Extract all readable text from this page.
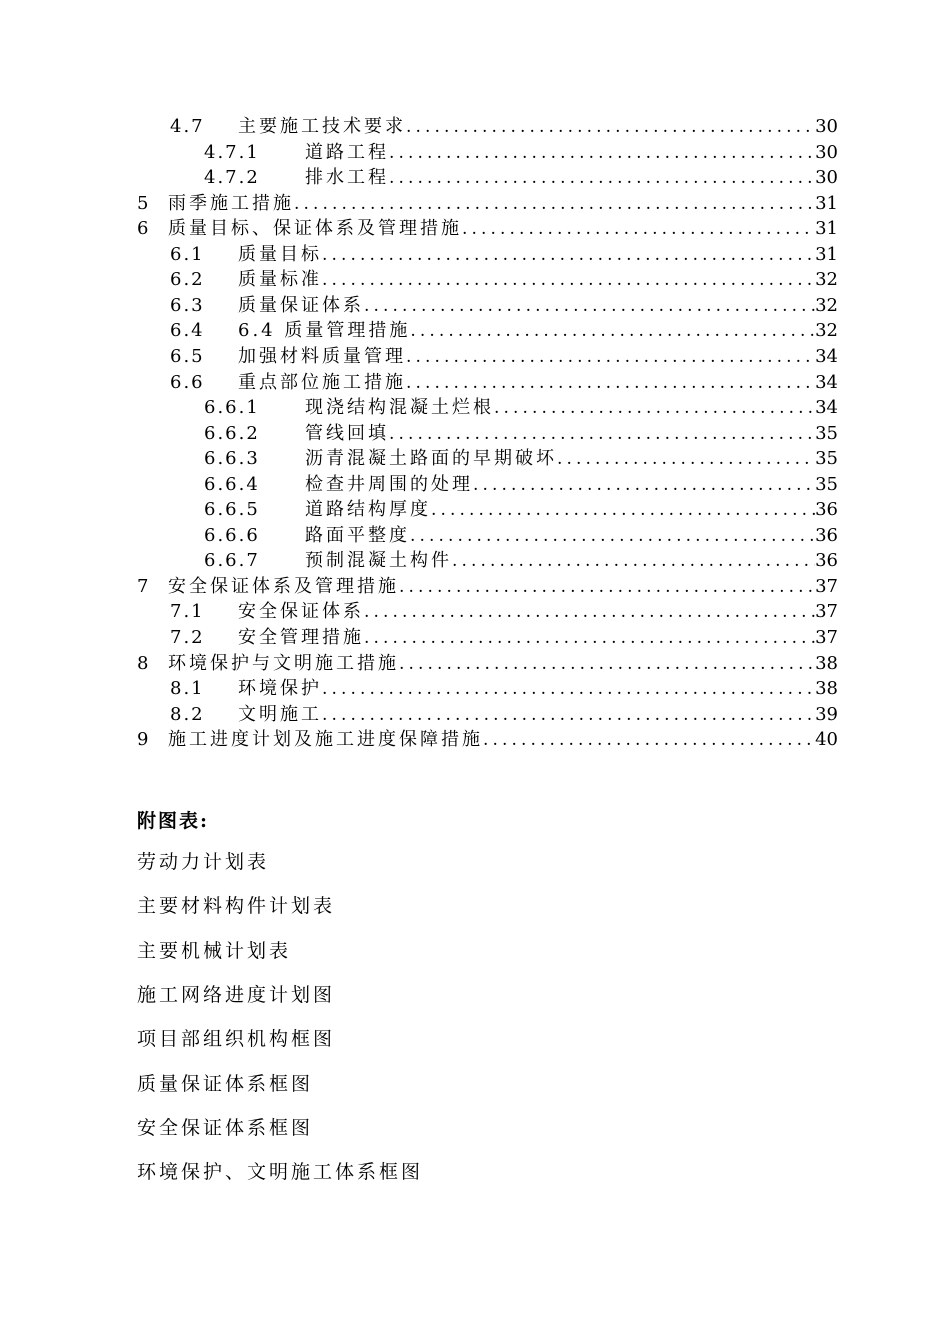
4.7 主要施工技术要求 .....	30
4.7.1	道路工程 .....	30
4.7.2	排水工程 .....	30
5 雨季施工措施 .....	31
6 质量目标、保证体系及管理措施 .....	31
6.1 质量目标 .....	31
6.2 质量标准 .....	32
6.3 质量保证体系 .....	32
6.4 6.4 质量管理措施 .....	32
6.5 加强材料质量管理 .....	34
6.6 重点部位施工措施 .....	34
6.6.1	现浇结构混凝土烂根 .....	34
6.6.2	管线回填 .....	35
6.6.3	沥青混凝土路面的早期破坏 .....	35
6.6.4	检查井周围的处理 .....	35
6.6.5	道路结构厚度 .....	36
6.6.6	路面平整度 .....	36
6.6.7	预制混凝土构件 .....	36
7 安全保证体系及管理措施 .....	37
7.1 安全保证体系 .....	37
7.2 安全管理措施 .....	37
8 环境保护与文明施工措施 .....	38
8.1 环境保护 .....	38
8.2 文明施工 .....	39
9 施工进度计划及施工进度保障措施 .....	40
附图表:
劳动力计划表
主要材料构件计划表
主要机械计划表
施工网络进度计划图
项目部组织机构框图
质量保证体系框图
安全保证体系框图
环境保护、文明施工体系框图
